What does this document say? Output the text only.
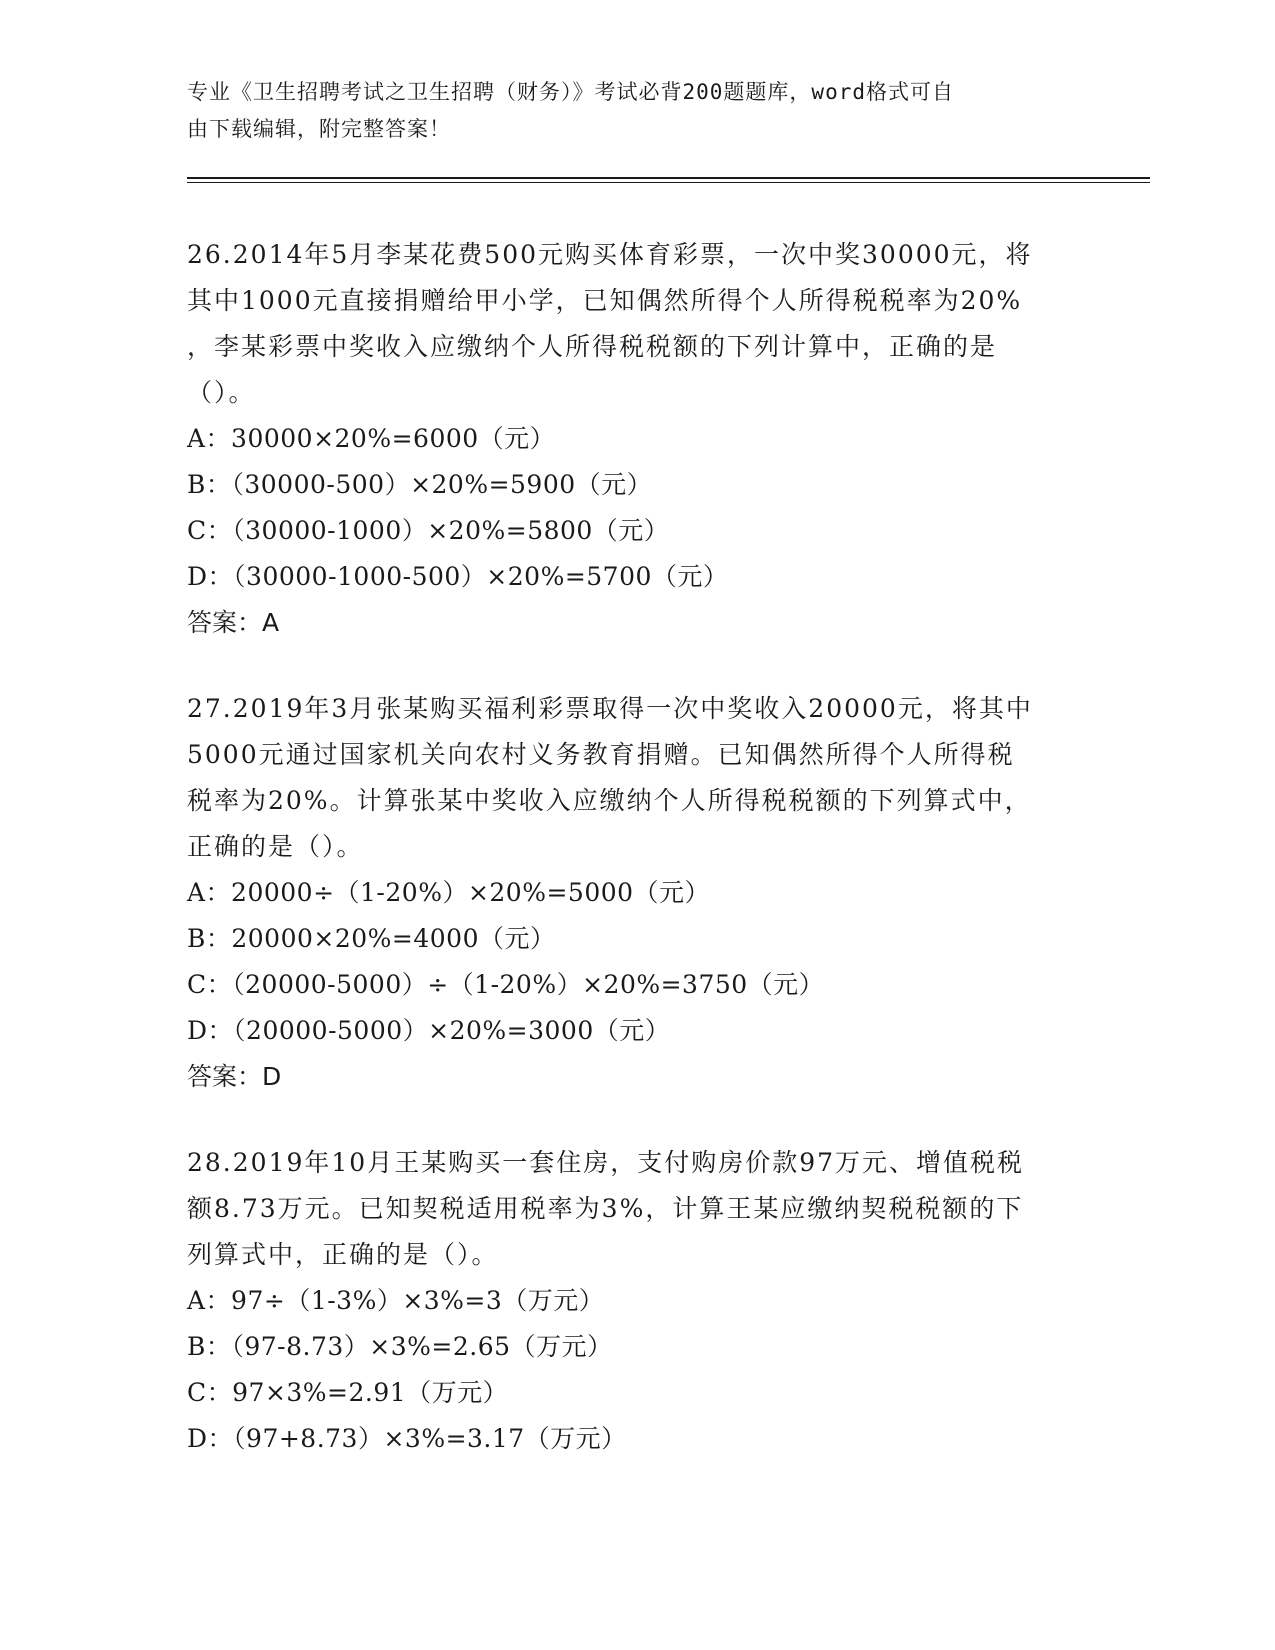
专业《卫生招聘考试之卫生招聘（财务）》考试必背200题题库，word格式可自
由下载编辑，附完整答案！

26.2014年5月李某花费500元购买体育彩票，一次中奖30000元，将

其中1000元直接捐赠给甲小学，已知偶然所得个人所得税税率为20%

，李某彩票中奖收入应缴纳个人所得税税额的下列计算中，正确的是

（）。

A：30000×20%=6000（元）

B：（30000-500）×20%=5900（元）

C：（30000-1000）×20%=5800（元）

D：（30000-1000-500）×20%=5700（元）

答案：A

27.2019年3月张某购买福利彩票取得一次中奖收入20000元，将其中

5000元通过国家机关向农村义务教育捐赠。已知偶然所得个人所得税

税率为20%。计算张某中奖收入应缴纳个人所得税税额的下列算式中，

正确的是（）。

A：20000÷（1-20%）×20%=5000（元）

B：20000×20%=4000（元）

C：（20000-5000）÷（1-20%）×20%=3750（元）

D：（20000-5000）×20%=3000（元）

答案：D

28.2019年10月王某购买一套住房，支付购房价款97万元、增值税税

额8.73万元。已知契税适用税率为3%，计算王某应缴纳契税税额的下

列算式中，正确的是（）。

A：97÷（1-3%）×3%=3（万元）

B：（97-8.73）×3%=2.65（万元）

C：97×3%=2.91（万元）

D：（97+8.73）×3%=3.17（万元）
